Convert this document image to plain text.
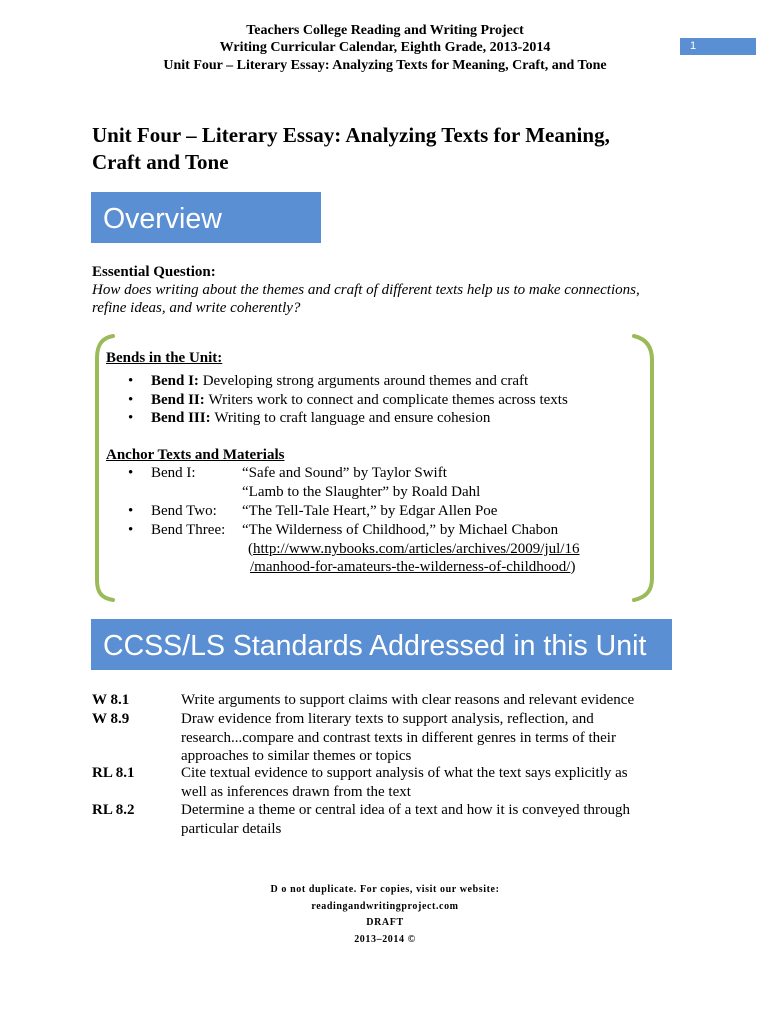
Teachers College Reading and Writing Project
Writing Curricular Calendar, Eighth Grade, 2013-2014
Unit Four – Literary Essay: Analyzing Texts for Meaning, Craft, and Tone
1
Unit Four – Literary Essay: Analyzing Texts for Meaning,
Craft and Tone
Overview
Essential Question:
How does writing about the themes and craft of different texts help us to make connections,
refine ideas, and write coherently?
Bends in the Unit:
• Bend I: Developing strong arguments around themes and craft
• Bend II: Writers work to connect and complicate themes across texts
• Bend III: Writing to craft language and ensure cohesion
Anchor Texts and Materials
• Bend I:	“Safe and Sound” by Taylor Swift
“Lamb to the Slaughter” by Roald Dahl
• Bend Two: “The Tell-Tale Heart,” by Edgar Allen Poe
• Bend Three: “The Wilderness of Childhood,” by Michael Chabon
(http://www.nybooks.com/articles/archives/2009/jul/16
/manhood-for-amateurs-the-wilderness-of-childhood/)
CCSS/LS Standards Addressed in this Unit
W 8.1	Write arguments to support claims with clear reasons and relevant evidence
W 8.9	Draw evidence from literary texts to support analysis, reflection, and
research...compare and contrast texts in different genres in terms of their
approaches to similar themes or topics
RL 8.1	Cite textual evidence to support analysis of what the text says explicitly as
well as inferences drawn from the text
RL 8.2	Determine a theme or central idea of a text and how it is conveyed through
particular details
D o not duplicate. For copies, visit our website:
readingandwritingproject.com
DRAFT
2013–2014 ©
